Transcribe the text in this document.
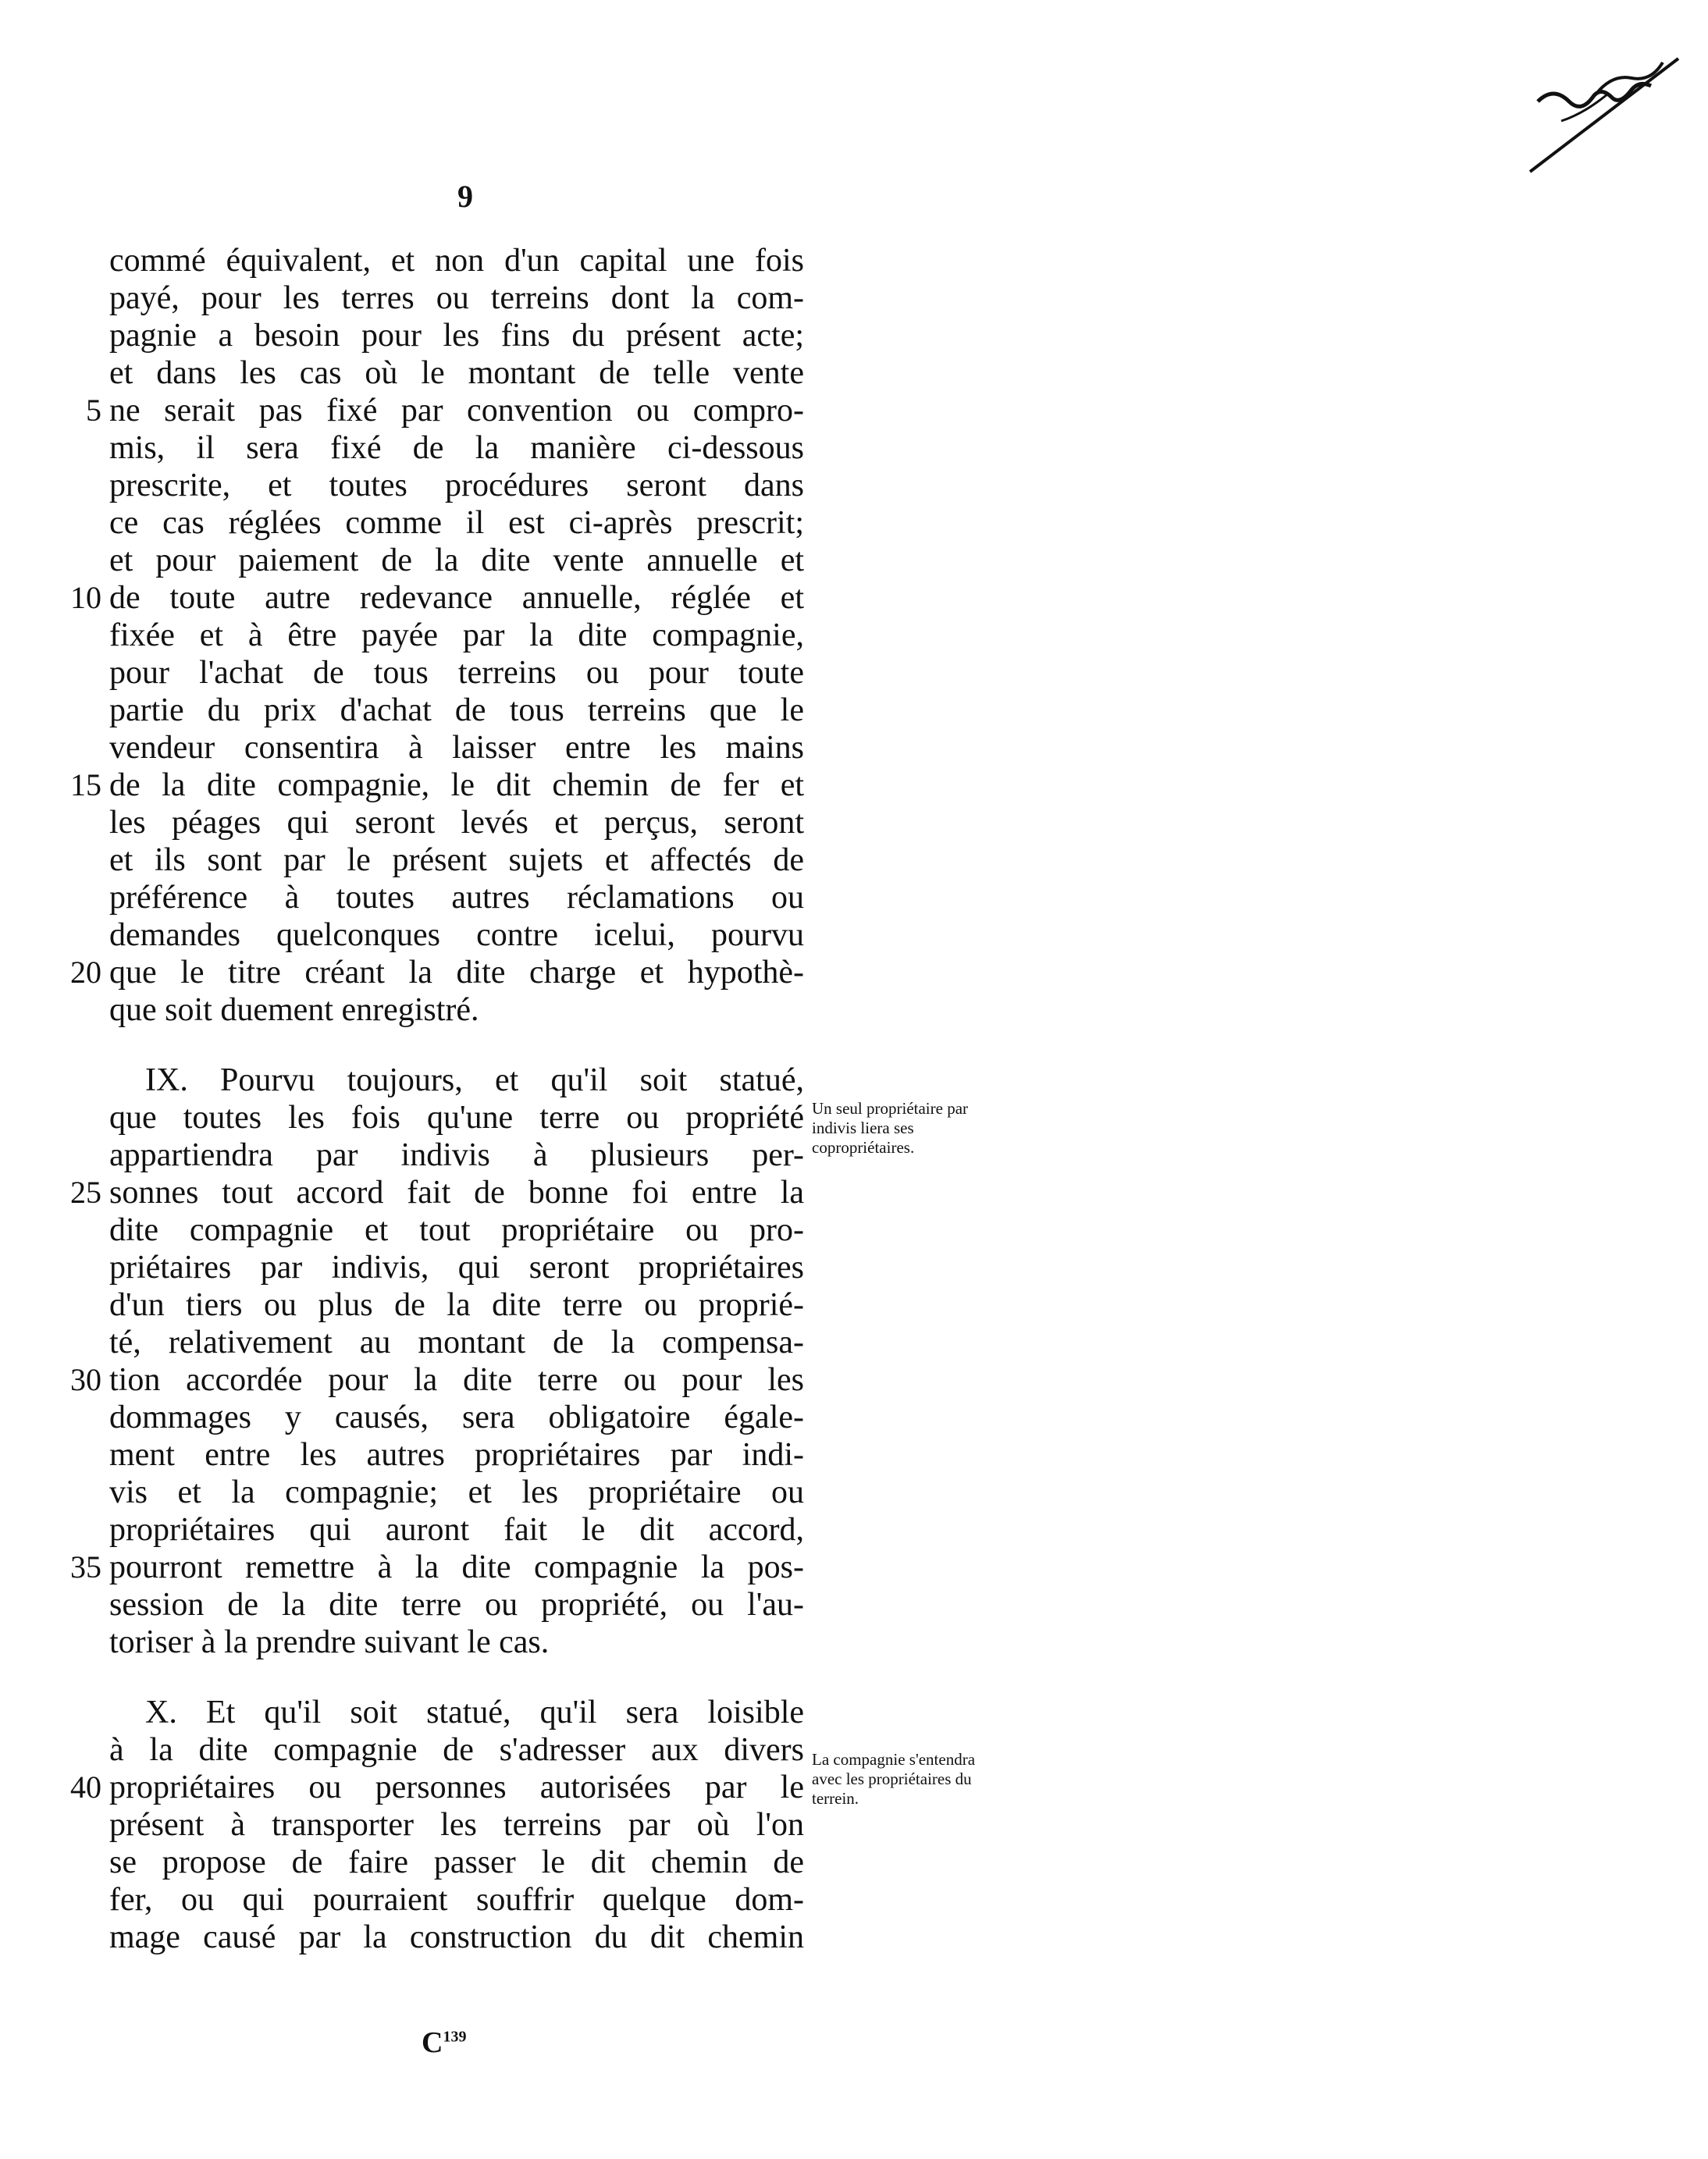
9
commé équivalent, et non d'un capital une fois
payé, pour les terres ou terreins dont la com-
pagnie a besoin pour les fins du présent acte;
et dans les cas où le montant de telle vente
ne serait pas fixé par convention ou compro-
5
mis, il sera fixé de la manière ci-dessous
prescrite, et toutes procédures seront dans
ce cas réglées comme il est ci-après prescrit;
et pour paiement de la dite vente annuelle et
de toute autre redevance annuelle, réglée et
10
fixée et à être payée par la dite compagnie,
pour l'achat de tous terreins ou pour toute
partie du prix d'achat de tous terreins que le
vendeur consentira à laisser entre les mains
de la dite compagnie, le dit chemin de fer et
15
les péages qui seront levés et perçus, seront
et ils sont par le présent sujets et affectés de
préférence à toutes autres réclamations ou
demandes quelconques contre icelui, pourvu
que le titre créant la dite charge et hypothè-
20
que soit duement enregistré.
IX. Pourvu toujours, et qu'il soit statué,
que toutes les fois qu'une terre ou propriété
appartiendra par indivis à plusieurs per-
sonnes tout accord fait de bonne foi entre la
25
dite compagnie et tout propriétaire ou pro-
priétaires par indivis, qui seront propriétaires
d'un tiers ou plus de la dite terre ou proprié-
té, relativement au montant de la compensa-
tion accordée pour la dite terre ou pour les
30
dommages y causés, sera obligatoire égale-
ment entre les autres propriétaires par indi-
vis et la compagnie; et les propriétaire ou
propriétaires qui auront fait le dit accord,
pourront remettre à la dite compagnie la pos-
35
session de la dite terre ou propriété, ou l'au-
toriser à la prendre suivant le cas.
X. Et qu'il soit statué, qu'il sera loisible
à la dite compagnie de s'adresser aux divers
propriétaires ou personnes autorisées par le
40
présent à transporter les terreins par où l'on
se propose de faire passer le dit chemin de
fer, ou qui pourraient souffrir quelque dom-
mage causé par la construction du dit chemin
Un seul propriétaire par indivis liera ses copropriétaires.
La compagnie s'entendra avec les propriétaires du terrein.
$C^{139}$
